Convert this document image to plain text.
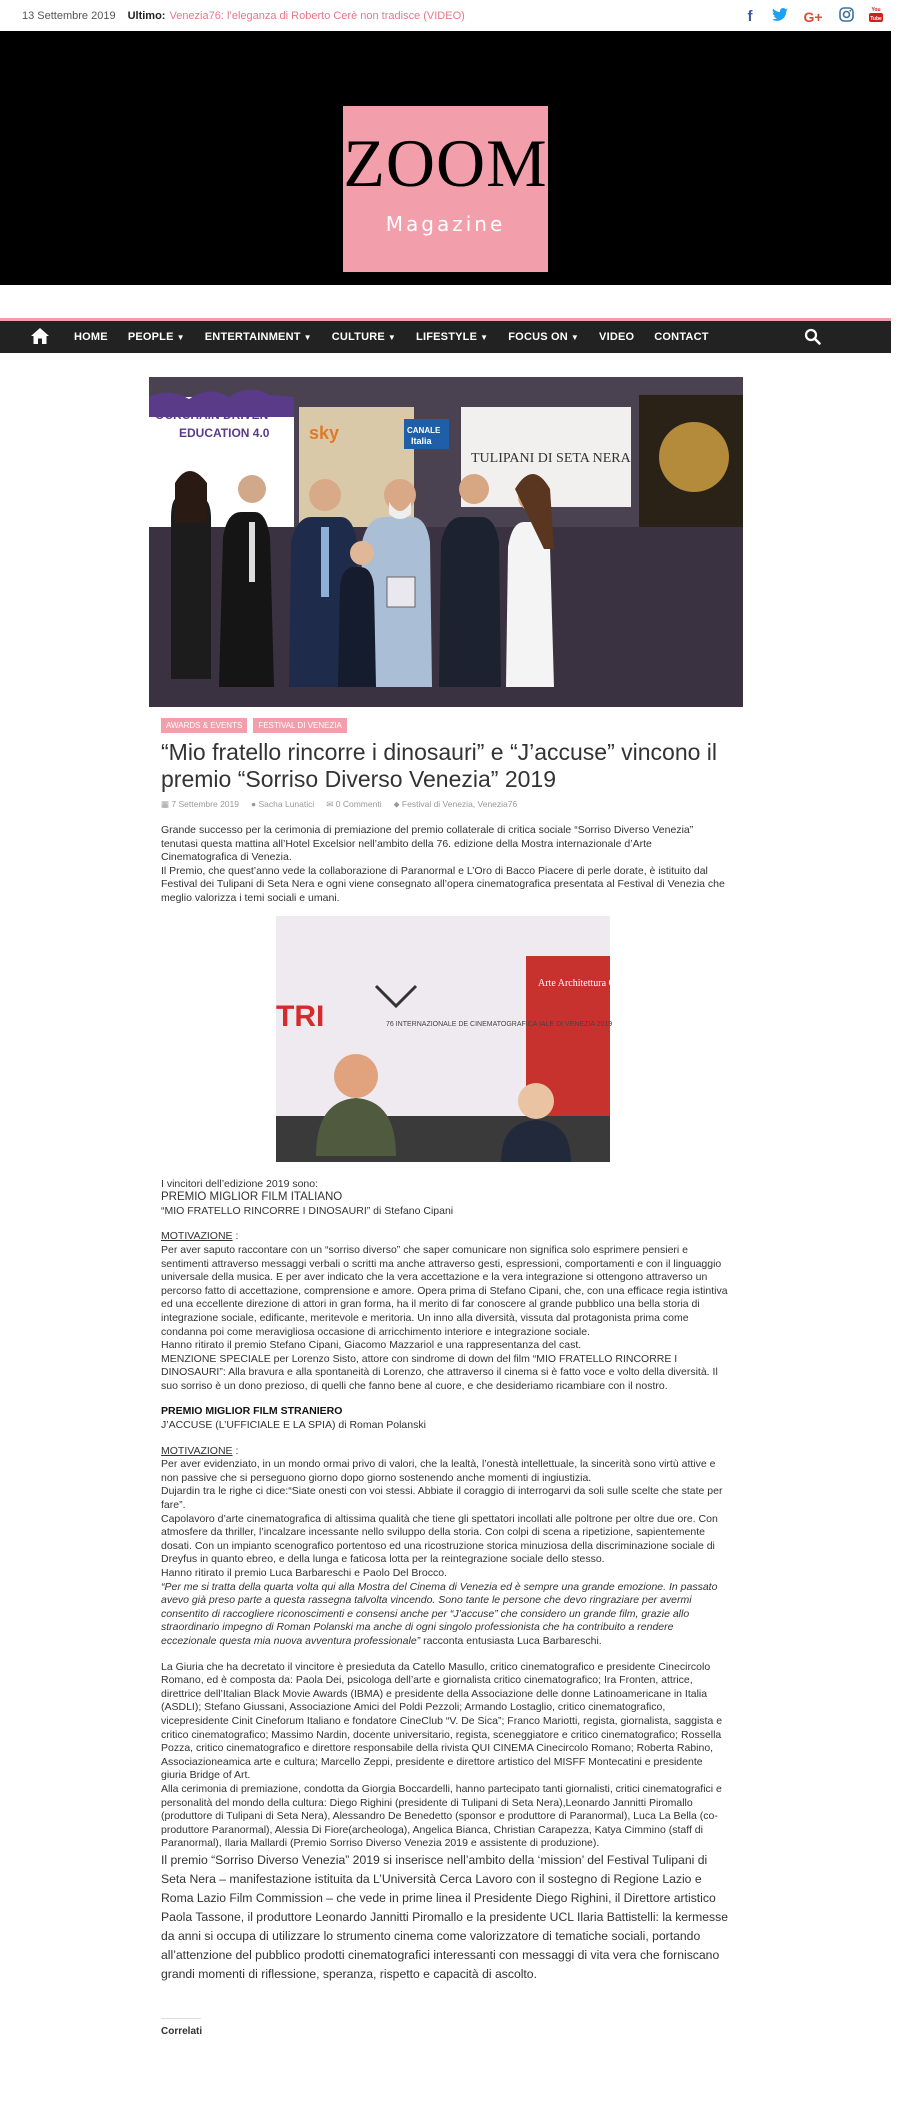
13 Settembre 2019 Ultimo: Venezia76: l’eleganza di Roberto Cerè non tradisce (VIDEO)	f	G+	You
Tube
ZOOM
Magazine
HOME	PEOPLE ▼	ENTERTAINMENT ▼	CULTURE ▼	LIFESTYLE ▼	FOCUS ON ▼	VIDEO	CONTACT
OCKCHAIN DRIVEN
EDUCATION 4.0 sky	CANALE
Italia
TULIPANI DI SETA NERA
AWARDS & EVENTS	FESTIVAL DI VENEZIA
“Mio fratello rincorre i dinosauri” e “J’accuse” vincono il premio “Sorriso Diverso Venezia” 2019
▦ 7 Settembre 2019 ● Sacha Lunatici ✉ 0 Commenti ⬥ Festival di Venezia, Venezia76

Grande successo per la cerimonia di premiazione del premio collaterale di critica sociale “Sorriso Diverso Venezia” tenutasi questa mattina all’Hotel Excelsior nell’ambito della 76. edizione della Mostra internazionale d’Arte Cinematografica di Venezia.

Il Premio, che quest’anno vede la collaborazione di Paranormal e L’Oro di Bacco Piacere di perle dorate, è istituito dal Festival dei Tulipani di Seta Nera e ogni viene consegnato all’opera cinematografica presentata al Festival di Venezia che meglio valorizza i temi sociali e umani.

Arte Architettura Cinema Danza Musica Teatro Archivio Stor
TRI	76 INTERNAZIONALE DE CINEMATOGRAFICA IALE DI VENEZIA 2019

I vincitori dell’edizione 2019 sono:

PREMIO MIGLIOR FILM ITALIANO

“MIO FRATELLO RINCORRE I DINOSAURI” di Stefano Cipani

MOTIVAZIONE :

Per aver saputo raccontare con un “sorriso diverso” che saper comunicare non significa solo esprimere pensieri e sentimenti attraverso messaggi verbali o scritti ma anche attraverso gesti, espressioni, comportamenti e con il linguaggio universale della musica. E per aver indicato che la vera accettazione e la vera integrazione si ottengono attraverso un percorso fatto di accettazione, comprensione e amore. Opera prima di Stefano Cipani, che, con una efficace regia istintiva ed una eccellente direzione di attori in gran forma, ha il merito di far conoscere al grande pubblico una bella storia di integrazione sociale, edificante, meritevole e meritoria. Un inno alla diversità, vissuta dal protagonista prima come condanna poi come meravigliosa occasione di arricchimento interiore e integrazione sociale.

Hanno ritirato il premio Stefano Cipani, Giacomo Mazzariol e una rappresentanza del cast.

MENZIONE SPECIALE per Lorenzo Sisto, attore con sindrome di down del film “MIO FRATELLO RINCORRE I DINOSAURI”: Alla bravura e alla spontaneità di Lorenzo, che attraverso il cinema si è fatto voce e volto della diversità. Il suo sorriso è un dono prezioso, di quelli che fanno bene al cuore, e che desideriamo ricambiare con il nostro.

PREMIO MIGLIOR FILM STRANIERO

J’ACCUSE (L’UFFICIALE E LA SPIA) di Roman Polanski

MOTIVAZIONE :

Per aver evidenziato, in un mondo ormai privo di valori, che la lealtà, l’onestà intellettuale, la sincerità sono virtù attive e non passive che si perseguono giorno dopo giorno sostenendo anche momenti di ingiustizia.

Dujardin tra le righe ci dice:“Siate onesti con voi stessi. Abbiate il coraggio di interrogarvi da soli sulle scelte che state per fare”.

Capolavoro d’arte cinematografica di altissima qualità che tiene gli spettatori incollati alle poltrone per oltre due ore. Con atmosfere da thriller, l’incalzare incessante nello sviluppo della storia. Con colpi di scena a ripetizione, sapientemente dosati. Con un impianto scenografico portentoso ed una ricostruzione storica minuziosa della discriminazione sociale di Dreyfus in quanto ebreo, e della lunga e faticosa lotta per la reintegrazione sociale dello stesso.

Hanno ritirato il premio Luca Barbareschi e Paolo Del Brocco.

“Per me si tratta della quarta volta qui alla Mostra del Cinema di Venezia ed è sempre una grande emozione. In passato avevo già preso parte a questa rassegna talvolta vincendo. Sono tante le persone che devo ringraziare per avermi consentito di raccogliere riconoscimenti e consensi anche per “J’accuse” che considero un grande film, grazie allo straordinario impegno di Roman Polanski ma anche di ogni singolo professionista che ha contribuito a rendere eccezionale questa mia nuova avventura professionale” racconta entusiasta Luca Barbareschi.

La Giuria che ha decretato il vincitore è presieduta da Catello Masullo, critico cinematografico e presidente Cinecircolo Romano, ed è composta da: Paola Dei, psicologa dell’arte e giornalista critico cinematografico; Ira Fronten, attrice, direttrice dell’Italian Black Movie Awards (IBMA) e presidente della Associazione delle donne Latinoamericane in Italia (ASDLI); Stefano Giussani, Associazione Amici del Poldi Pezzoli; Armando Lostaglio, critico cinematografico, vicepresidente Cinit Cineforum Italiano e fondatore CineClub “V. De Sica”; Franco Mariotti, regista, giornalista, saggista e critico cinematografico; Massimo Nardin, docente universitario, regista, sceneggiatore e critico cinematografico; Rossella Pozza, critico cinematografico e direttore responsabile della rivista QUI CINEMA Cinecircolo Romano; Roberta Rabino, Associazioneamica arte e cultura; Marcello Zeppi, presidente e direttore artistico del MISFF Montecatini e presidente giuria Bridge of Art.

Alla cerimonia di premiazione, condotta da Giorgia Boccardelli, hanno partecipato tanti giornalisti, critici cinematografici e personalità del mondo della cultura: Diego Righini (presidente di Tulipani di Seta Nera),Leonardo Jannitti Piromallo (produttore di Tulipani di Seta Nera), Alessandro De Benedetto (sponsor e produttore di Paranormal), Luca La Bella (co-produttore Paranormal), Alessia Di Fiore(archeologa), Angelica Bianca, Christian Carapezza, Katya Cimmino (staff di Paranormal), Ilaria Mallardi (Premio Sorriso Diverso Venezia 2019 e assistente di produzione).

Il premio “Sorriso Diverso Venezia” 2019 si inserisce nell’ambito della ‘mission’ del Festival Tulipani di Seta Nera – manifestazione istituita da L’Università Cerca Lavoro con il sostegno di Regione Lazio e Roma Lazio Film Commission – che vede in prime linea il Presidente Diego Righini, il Direttore artistico Paola Tassone, il produttore Leonardo Jannitti Piromallo e la presidente UCL Ilaria Battistelli: la kermesse da anni si occupa di utilizzare lo strumento cinema come valorizzatore di tematiche sociali, portando all’attenzione del pubblico prodotti cinematografici interessanti con messaggi di vita vera che forniscano grandi momenti di riflessione, speranza, rispetto e capacità di ascolto.

Correlati
